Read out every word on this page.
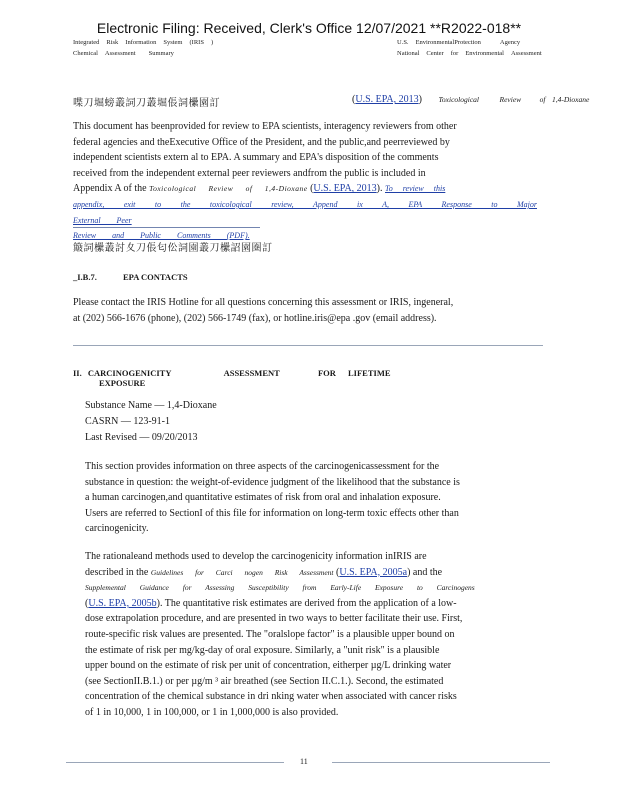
Electronic Filing: Received, Clerk's Office 12/07/2021 **R2022-018**
Integrated Risk Information System (IRIS )
Chemical Assessment Summary
U.S. EnvironmentalProtection	Agency
National Center for Environmental Assessment
喋刀堀螃叢詞刀叢堀倀詞欙園訂	(U.S. EPA, 2013) Toxicological	Review of 1,4-Dioxane

This document has beenprovided for review to EPA scientists, interagency reviewers from other

federal agencies and theExecutive Office of the President, and the public,and peerreviewed by

independent scientists extern al to EPA. A summary and EPA's disposition of the comments

received from the independent external peer reviewers andfrom the public is included in

Appendix A of the Toxicological Review of 1,4-Dioxane (U.S. EPA, 2013). To review this

appendix, exit to the toxicological review, Append ix A, EPA Response to Major External Peer

Review and Public Comments (PDF).

簸詞欙叢討夊刀倀匂伀詞園叢刀欙詔園圏訂
_I.B.7.	EPA CONTACTS

Please contact the IRIS Hotline for all questions concerning this assessment or IRIS, ingeneral,

at (202) 566-1676 (phone), (202) 566-1749 (fax), or hotline.iris@epa .gov (email address).

II. CARCINOGENICITY	ASSESSMENT	FOR LIFETIME EXPOSURE
Substance Name — 1,4-Dioxane
CASRN — 123-91-1
Last Revised — 09/20/2013

This section provides information on three aspects of the carcinogenicassessment for the

substance in question: the weight-of-evidence judgment of the likelihood that the substance is

a human carcinogen,and quantitative estimates of risk from oral and inhalation exposure.

Users are referred to SectionI of this file for information on long-term toxic effects other than

carcinogenicity.

The rationaleand methods used to develop the carcinogenicity information inIRIS are

described in the Guidelines for Carci nogen Risk Assessment (U.S. EPA, 2005a) and the

Supplemental Guidance for Assessing Susceptibility from Early-Life Exposure to Carcinogens

(U.S. EPA, 2005b). The quantitative risk estimates are derived from the application of a low-

dose extrapolation procedure, and are presented in two ways to better facilitate their use. First,

route-specific risk values are presented. The "oralslope factor" is a plausible upper bound on

the estimate of risk per mg/kg-day of oral exposure. Similarly, a "unit risk" is a plausible

upper bound on the estimate of risk per unit of concentration, eitherper µg/L drinking water

(see SectionII.B.1.) or per µg/m ³ air breathed (see Section II.C.1.). Second, the estimated

concentration of the chemical substance in dri nking water when associated with cancer risks

of 1 in 10,000, 1 in 100,000, or 1 in 1,000,000 is also provided.

11
